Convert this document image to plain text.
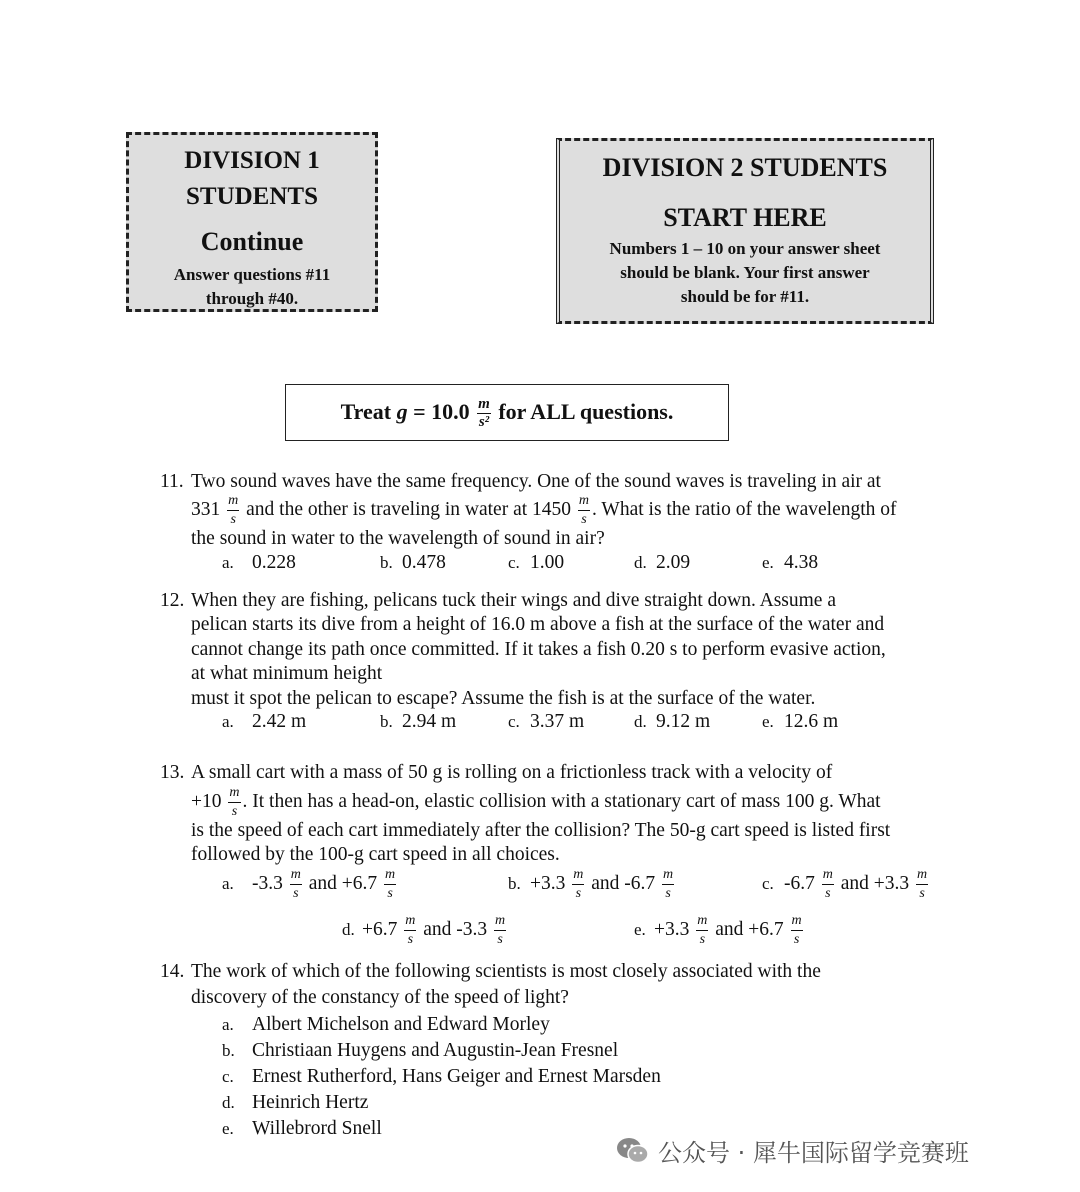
DIVISION 1
STUDENTS
Continue
Answer questions #11
through #40.
DIVISION 2 STUDENTS
START HERE
Numbers 1 – 10 on your answer sheet
should be blank. Your first answer
should be for #11.
Treat $g = 10.0 \frac{m}{\text{s²}}$ for ALL questions.
11. Two sound waves have the same frequency. One of the sound waves is traveling in air at
$331 \frac{m}{s}$ and the other is traveling in water at $1450 \frac{m}{s}$ . What is the ratio of the wavelength of
the sound in water to the wavelength of sound in air?
a. 0.228	b. 0.478	c. 1.00	d. 2.09	e. 4.38
12. When they are fishing, pelicans tuck their wings and dive straight down. Assume a
pelican starts its dive from a height of 16.0 m above a fish at the surface of the water and
cannot change its path once committed. If it takes a fish 0.20 s to perform evasive action,
at what minimum height
must it spot the pelican to escape? Assume the fish is at the surface of the water.
a. 2.42 m	b. 2.94 m	c. 3.37 m	d. 9.12 m	e. 12.6 m
13. A small cart with a mass of 50 g is rolling on a frictionless track with a velocity of
$+10 \frac{m}{s}$ . It then has a head-on, elastic collision with a stationary cart of mass 100 g. What
is the speed of each cart immediately after the collision? The 50-g cart speed is listed first
followed by the 100-g cart speed in all choices.
a. $-3.3 \frac{m}{s}$ and $+6.7 \frac{m}{s}$	b. $+3.3 \frac{m}{s}$ and $-6.7 \frac{m}{s}$	c. $-6.7 \frac{m}{s}$ and $+3.3 \frac{m}{s}$
d. $+6.7 \frac{m}{s}$ and $-3.3 \frac{m}{s}$	e. $+3.3 \frac{m}{s}$ and $+6.7 \frac{m}{s}$
14. The work of which of the following scientists is most closely associated with the
discovery of the constancy of the speed of light?
a. Albert Michelson and Edward Morley
b. Christiaan Huygens and Augustin-Jean Fresnel
c. Ernest Rutherford, Hans Geiger and Ernest Marsden
d. Heinrich Hertz
e. Willebrord Snell
公众号 · 犀牛国际留学竞赛班
